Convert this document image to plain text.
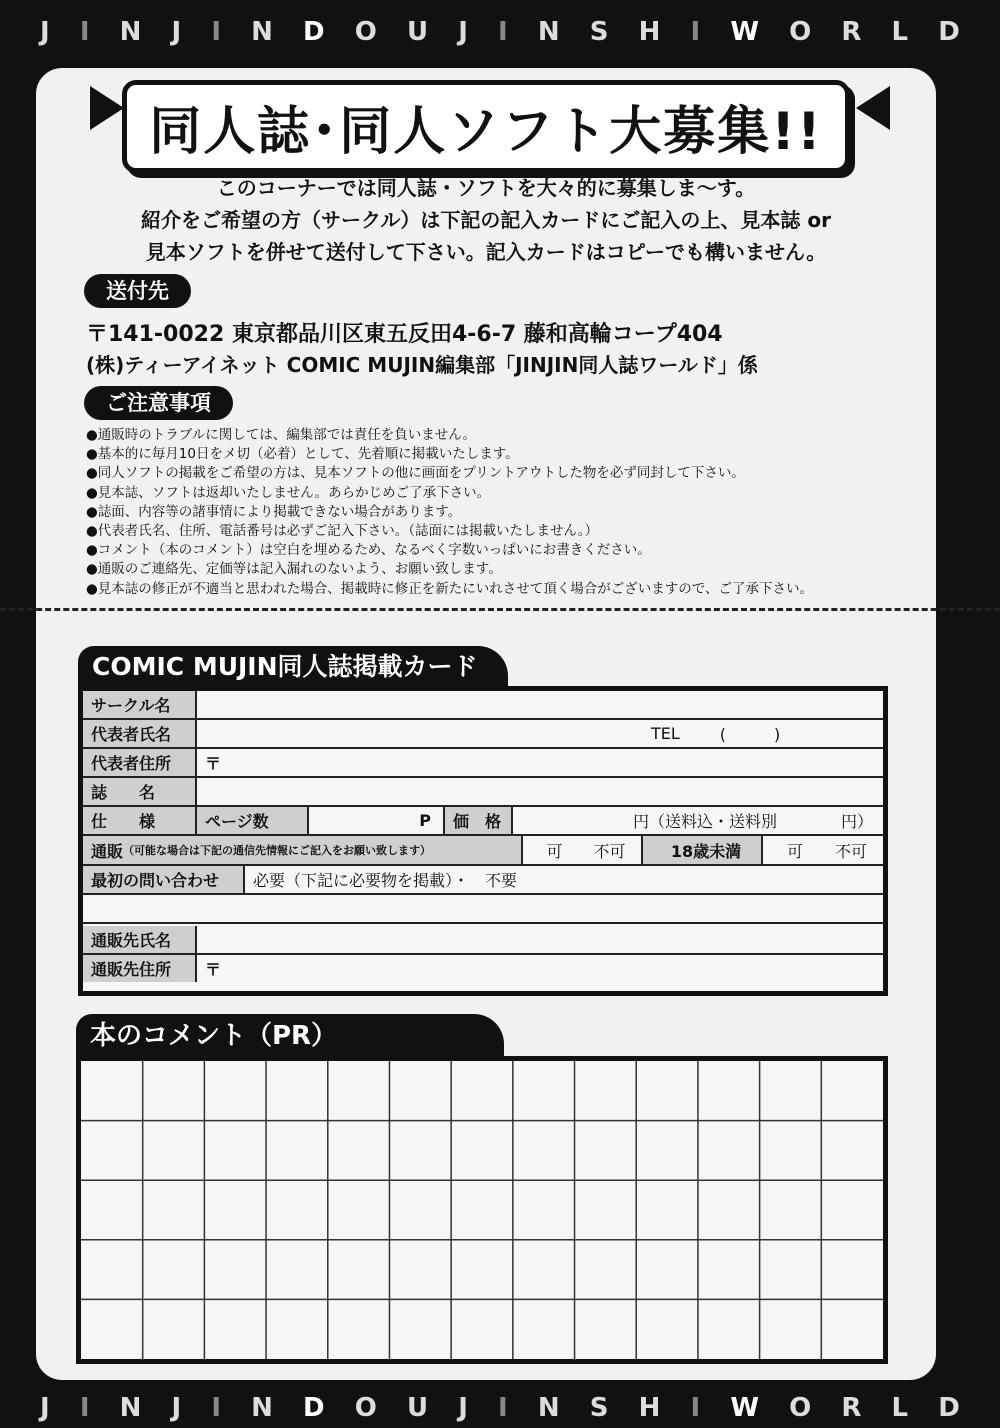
J I N J I N D O U J I N S H I W O R L D
同人誌･同人ソフト大募集!!
このコーナーでは同人誌・ソフトを大々的に募集しま～す。
紹介をご希望の方（サークル）は下記の記入カードにご記入の上、見本誌 or
見本ソフトを併せて送付して下さい。記入カードはコピーでも構いません。
送付先
〒141-0022 東京都品川区東五反田4-6-7 藤和高輪コープ404
(株)ティーアイネット COMIC MUJIN編集部「JINJIN同人誌ワールド」係
ご注意事項
● 通販時のトラブルに関しては、編集部では責任を負いません。
● 基本的に毎月10日をメ切（必着）として、先着順に掲載いたします。
● 同人ソフトの掲載をご希望の方は、見本ソフトの他に画面をプリントアウトした物を必ず同封して下さい。
● 見本誌、ソフトは返却いたしません。あらかじめご了承下さい。
● 誌面、内容等の諸事情により掲載できない場合があります。
● 代表者氏名、住所、電話番号は必ずご記入下さい。（誌面には掲載いたしません。）
● コメント（本のコメント）は空白を埋めるため、なるべく字数いっぱいにお書きください。
● 通販のご連絡先、定価等は記入漏れのないよう、お願い致します。
● 見本誌の修正が不適当と思われた場合、掲載時に修正を新たにいれさせて頂く場合がございますので、ご了承下さい。
COMIC MUJIN同人誌掲載カード
サークル名
代表者氏名	TEL	(　　　)
代表者住所	〒
誌　　名
仕　　様	ページ数	P	価　格	円（送料込・送料別　　　　円）
通販 （可能な場合は下記の通信先情報にご記入をお願い致します）	可 不可	18歳未満	可 不可
最初の問い合わせ	必要（下記に必要物を掲載）・　不要
通販先氏名
通販先住所	〒
本のコメント（PR）
J I N J I N D O U J I N S H I W O R L D
